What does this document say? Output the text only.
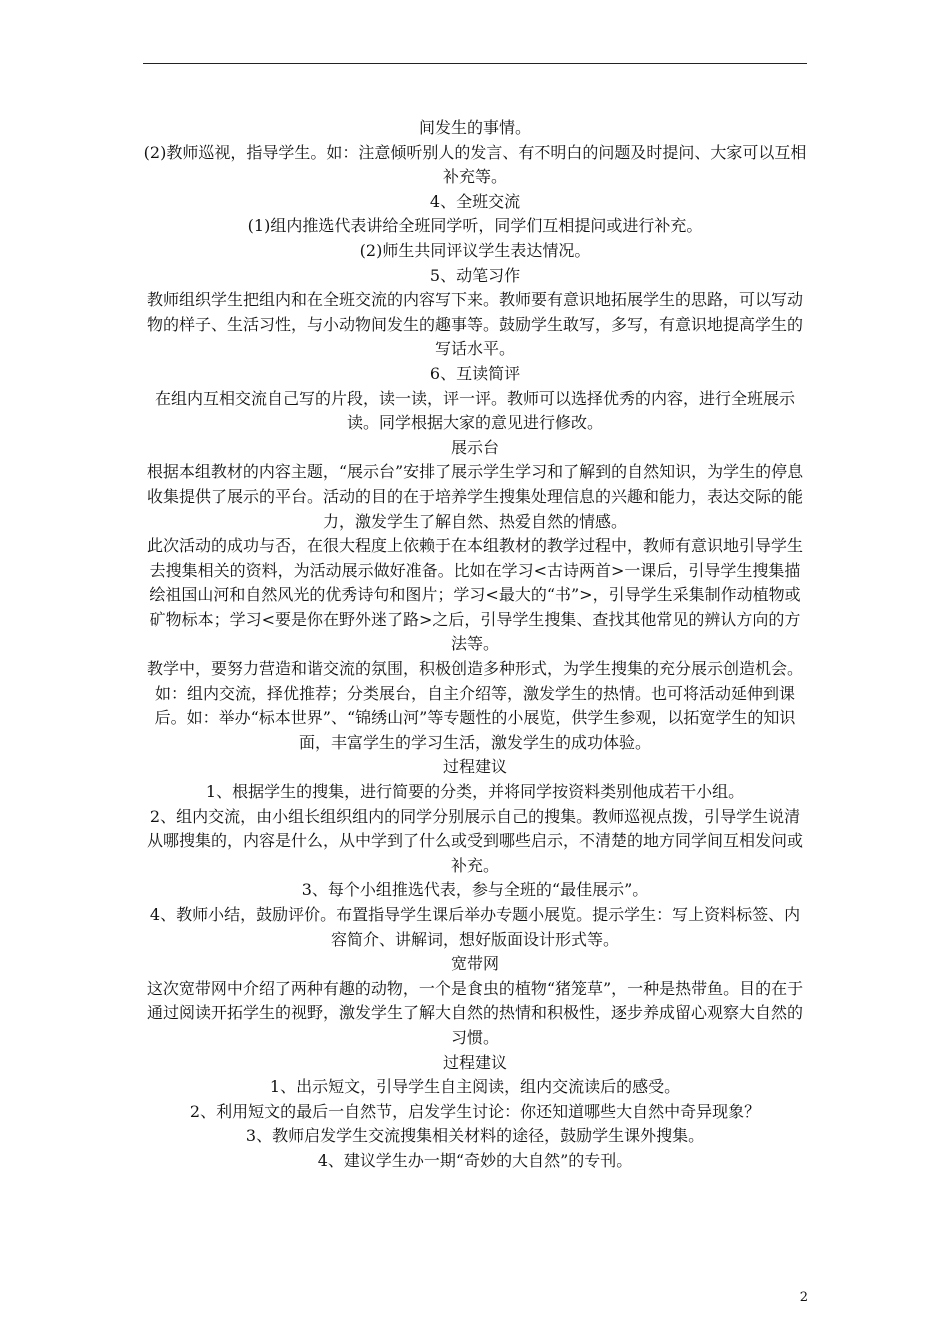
间发生的事情。

(2)教师巡视，指导学生。如：注意倾听别人的发言、有不明白的问题及时提问、大家可以互相补充等。

4、全班交流

(1)组内推选代表讲给全班同学听，同学们互相提问或进行补充。

(2)师生共同评议学生表达情况。

5、动笔习作

教师组织学生把组内和在全班交流的内容写下来。教师要有意识地拓展学生的思路，可以写动物的样子、生活习性，与小动物间发生的趣事等。鼓励学生敢写，多写，有意识地提高学生的写话水平。

6、互读简评

在组内互相交流自己写的片段，读一读，评一评。教师可以选择优秀的内容，进行全班展示读。同学根据大家的意见进行修改。

展示台

根据本组教材的内容主题，“展示台”安排了展示学生学习和了解到的自然知识，为学生的停息收集提供了展示的平台。活动的目的在于培养学生搜集处理信息的兴趣和能力，表达交际的能力，激发学生了解自然、热爱自然的情感。

此次活动的成功与否，在很大程度上依赖于在本组教材的教学过程中，教师有意识地引导学生去搜集相关的资料，为活动展示做好准备。比如在学习<古诗两首>一课后，引导学生搜集描绘祖国山河和自然风光的优秀诗句和图片；学习<最大的“书”>，引导学生采集制作动植物或矿物标本；学习<要是你在野外迷了路>之后，引导学生搜集、查找其他常见的辨认方向的方法等。

教学中，要努力营造和谐交流的氛围，积极创造多种形式，为学生搜集的充分展示创造机会。如：组内交流，择优推荐；分类展台，自主介绍等，激发学生的热情。也可将活动延伸到课后。如：举办“标本世界”、“锦绣山河”等专题性的小展览，供学生参观，以拓宽学生的知识面，丰富学生的学习生活，激发学生的成功体验。

过程建议

1、根据学生的搜集，进行简要的分类，并将同学按资料类别他成若干小组。

2、组内交流，由小组长组织组内的同学分别展示自己的搜集。教师巡视点拨，引导学生说清从哪搜集的，内容是什么，从中学到了什么或受到哪些启示，不清楚的地方同学间互相发问或补充。

3、每个小组推选代表，参与全班的“最佳展示”。

4、教师小结，鼓励评价。布置指导学生课后举办专题小展览。提示学生：写上资料标签、内容简介、讲解词，想好版面设计形式等。

宽带网

这次宽带网中介绍了两种有趣的动物，一个是食虫的植物“猪笼草”，一种是热带鱼。目的在于通过阅读开拓学生的视野，激发学生了解大自然的热情和积极性，逐步养成留心观察大自然的习惯。

过程建议

1、出示短文，引导学生自主阅读，组内交流读后的感受。

2、利用短文的最后一自然节，启发学生讨论：你还知道哪些大自然中奇异现象？

3、教师启发学生交流搜集相关材料的途径，鼓励学生课外搜集。

4、建议学生办一期“奇妙的大自然”的专刊。

2
